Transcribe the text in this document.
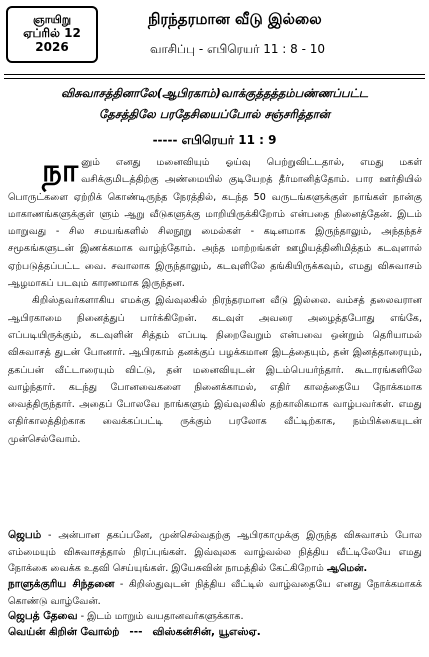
ஞாயிறு
ஏப்ரில் 12
2026
நிரந்தரமான வீடு இல்லை
வாசிப்பு - எபிரெயர் 11 : 8 - 10
விசுவாசத்தினாலே(ஆபிரகாம்)வாக்குத்தத்தம்பண்ணப்பட்ட
தேசத்திலே பரதேசியைப்போல் சஞ்சரித்தான்
----- எபிரெயர் 11 : 9

நானும் எனது மனைவியும் ஓய்வு பெற்றுவிட்டதால், எமது மகள் வசிக்குமிடத்திற்கு அண்மையில் குடியேறத் தீர்மானித்தோம். பார ஊர்தியில் பொருட்களை ஏற்றிக் கொண்டிருந்த நேரத்தில், கடந்த 50 வருடங்களுக்குள் நாங்கள் நான்கு மாகாணங்களுக்குள் ளும் ஆறு வீடுகளுக்கு மாறியிருக்கிறோம் என்பதை நினைத்தேன். இடம் மாறுவது - சில சமயங்களில் சிலநூறு மைல்கள் - கடினமாக இருந்தாலும், அந்தந்தச் சமூகங்களுடன் இணக்கமாக வாழ்ந்தோம். அந்த மாற்றங்கள் ஊழியத்தினிமித்தம் கடவுளால் ஏற்படுத்தப்பட்ட வை. சவாலாக இருந்தாலும், கடவுளிலே தங்கியிருக்கவும், எமது விசுவாசம் ஆழமாகப் படவும் காரணமாக இருந்தன.

கிறிஸ்தவர்களாகிய எமக்கு இவ்வுலகில் நிரந்தரமான வீடு இல்லை. வம்சத் தலைவரான ஆபிரகாமை நினைத்துப் பார்க்கிறேன். கடவுள் அவரை அழைத்தபோது எங்கே, எப்படியிருக்கும், கடவுளின் சித்தம் எப்படி நிறைவேறும் என்பவை ஒன்றும் தெரியாமல் விசுவாசத் துடன் போனார். ஆபிரகாம் தனக்குப் பழக்கமான இடத்தையும், தன் இனத்தாரையும், தகப்பன் வீட்டாரையும் விட்டு, தன் மனைவியுடன் இடம்பெயர்ந்தார். கூடாரங்களிலே வாழ்ந்தார். கடந்து போனவைகளை நினைக்காமல், எதிர் காலத்தையே நோக்கமாக வைத்திருந்தார். அதைப் போலவே நாங்களும் இவ்வுலகில் தற்காலிகமாக வாழ்பவர்கள். எமது எதிர்காலத்திற்காக வைக்கப்பட்டி ருக்கும் பரலோக வீட்டிற்காக, நம்பிக்கையுடன் முன்செல்வோம்.

ஜெபம் - அன்பான தகப்பனே, முன்செல்வதற்கு ஆபிரகாமுக்கு இருந்த விசுவாசம் போல எம்மையும் விசுவாசத்தால் நிரப்புங்கள். இவ்வுலக வாழ்வல்ல நித்திய வீட்டிலேயே எமது நோக்கை வைக்க உதவி செய்யுங்கள். இயேசுவின் நாமத்தில் கேட்கிறோம் ஆமென்.
நாளுக்குரிய சிந்தனை - கிறிஸ்துவுடன் நித்திய வீட்டில் வாழ்வதையே எனது நோக்கமாகக் கொண்டு வாழ்வேன்.
ஜெபத் தேவை - இடம் மாறும் வயதானவர்களுக்காக.
வெய்ன் கிறின் வோல்ற் --- விஸ்கன்சின், யூஎஸ்ஏ.
